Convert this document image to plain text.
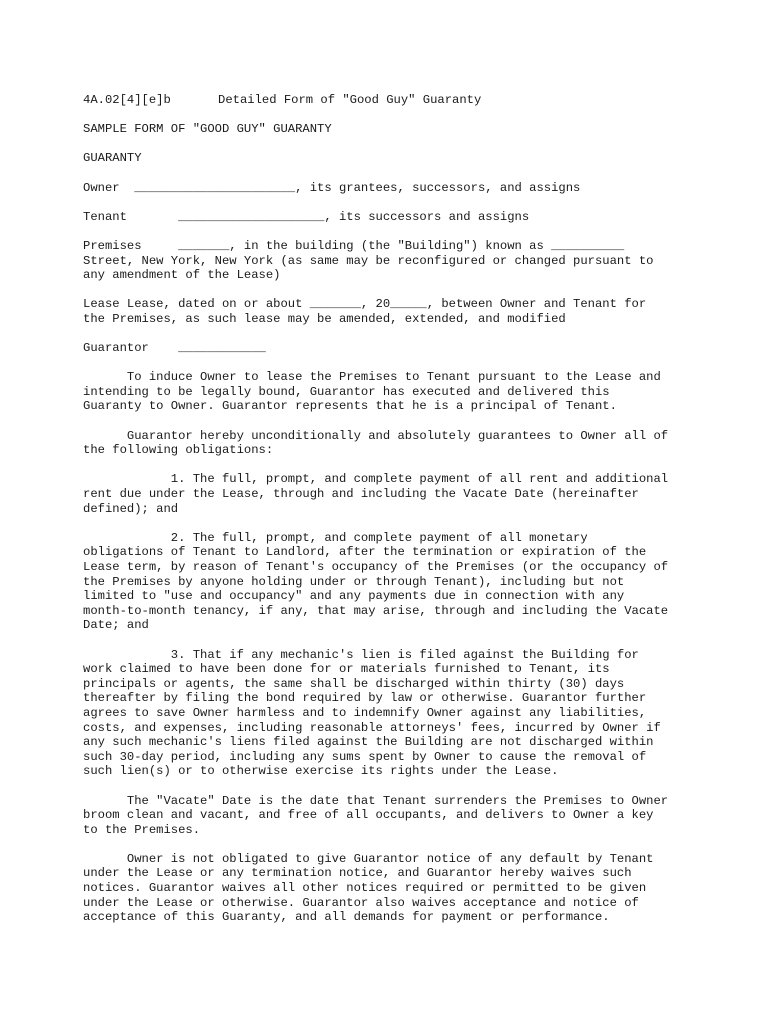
4A.02[4][e]b	Detailed Form of "Good Guy" Guaranty
SAMPLE FORM OF "GOOD GUY" GUARANTY
GUARANTY
Owner  ______________________, its grantees, successors, and assigns
Tenant       ____________________, its successors and assigns
Premises     _______, in the building (the "Building") known as __________
Street, New York, New York (as same may be reconfigured or changed pursuant to
any amendment of the Lease)
Lease Lease, dated on or about _______, 20_____, between Owner and Tenant for
the Premises, as such lease may be amended, extended, and modified
Guarantor    ____________
To induce Owner to lease the Premises to Tenant pursuant to the Lease and
intending to be legally bound, Guarantor has executed and delivered this
Guaranty to Owner. Guarantor represents that he is a principal of Tenant.
Guarantor hereby unconditionally and absolutely guarantees to Owner all of
the following obligations:
1. The full, prompt, and complete payment of all rent and additional
rent due under the Lease, through and including the Vacate Date (hereinafter
defined); and
2. The full, prompt, and complete payment of all monetary
obligations of Tenant to Landlord, after the termination or expiration of the
Lease term, by reason of Tenant's occupancy of the Premises (or the occupancy of
the Premises by anyone holding under or through Tenant), including but not
limited to "use and occupancy" and any payments due in connection with any
month-to-month tenancy, if any, that may arise, through and including the Vacate
Date; and
3. That if any mechanic's lien is filed against the Building for
work claimed to have been done for or materials furnished to Tenant, its
principals or agents, the same shall be discharged within thirty (30) days
thereafter by filing the bond required by law or otherwise. Guarantor further
agrees to save Owner harmless and to indemnify Owner against any liabilities,
costs, and expenses, including reasonable attorneys' fees, incurred by Owner if
any such mechanic's liens filed against the Building are not discharged within
such 30-day period, including any sums spent by Owner to cause the removal of
such lien(s) or to otherwise exercise its rights under the Lease.
The "Vacate" Date is the date that Tenant surrenders the Premises to Owner
broom clean and vacant, and free of all occupants, and delivers to Owner a key
to the Premises.
Owner is not obligated to give Guarantor notice of any default by Tenant
under the Lease or any termination notice, and Guarantor hereby waives such
notices. Guarantor waives all other notices required or permitted to be given
under the Lease or otherwise. Guarantor also waives acceptance and notice of
acceptance of this Guaranty, and all demands for payment or performance.
